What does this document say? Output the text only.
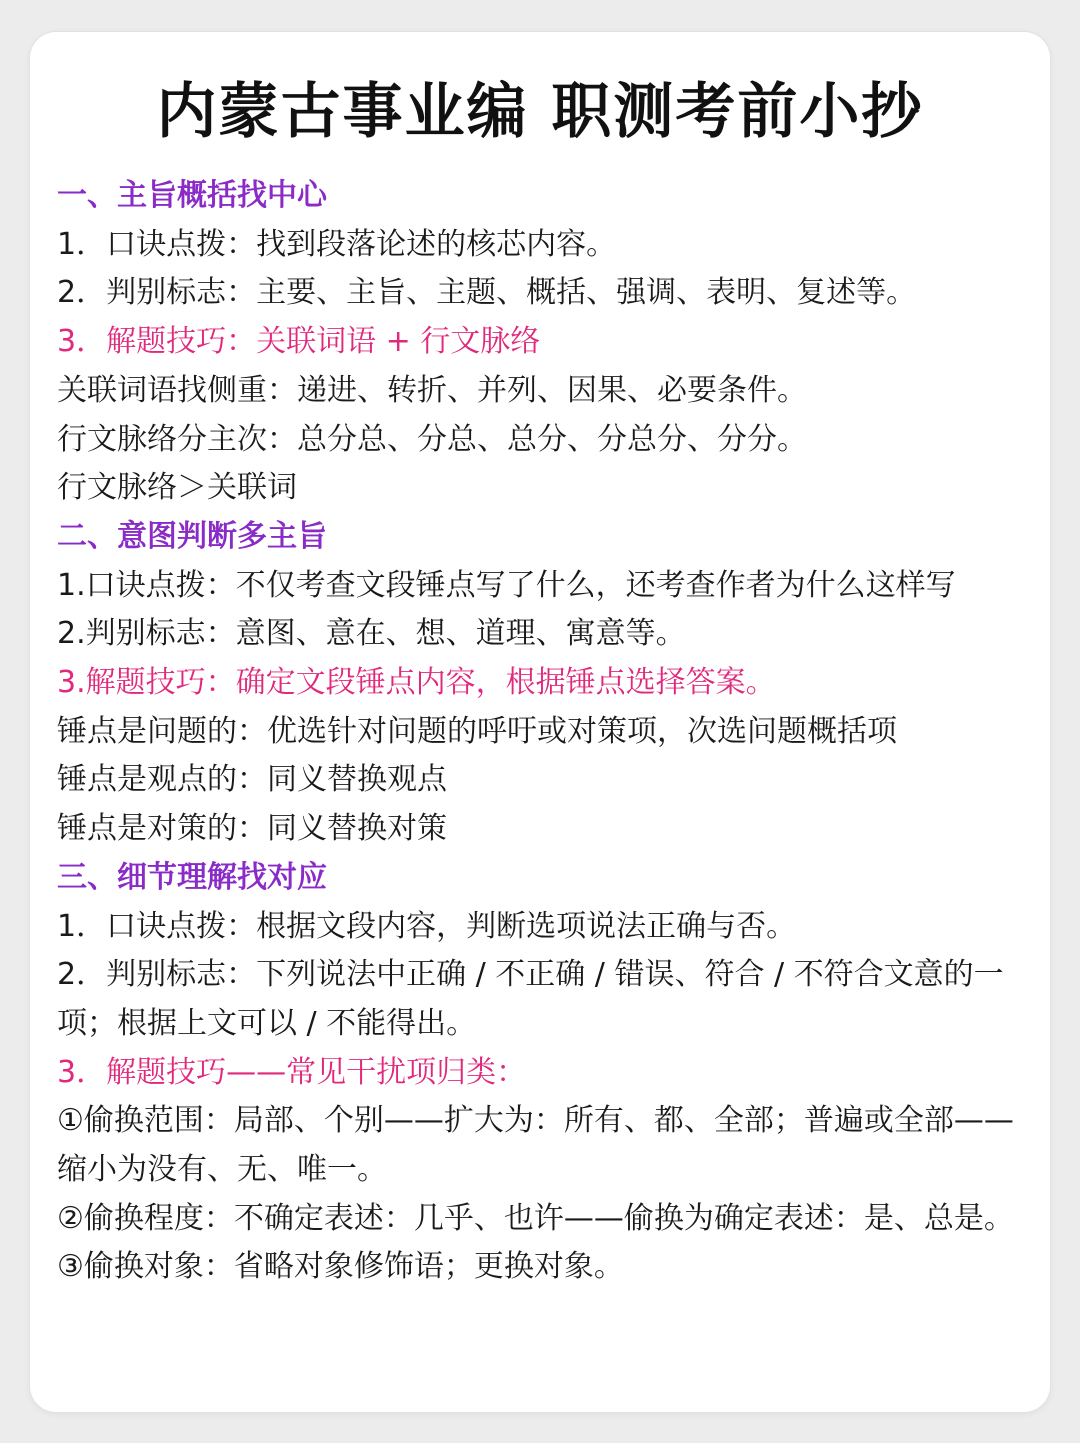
内蒙古事业编 职测考前小抄
一、主旨概括找中心
1．口诀点拨：找到段落论述的核芯内容。
2．判别标志：主要、主旨、主题、概括、强调、表明、复述等。
3．解题技巧：关联词语 + 行文脉络
关联词语找侧重：递进、转折、并列、因果、必要条件。
行文脉络分主次：总分总、分总、总分、分总分、分分。
行文脉络＞关联词
二、意图判断多主旨
1.口诀点拨：不仅考查文段锤点写了什么，还考查作者为什么这样写
2.判别标志：意图、意在、想、道理、寓意等。
3.解题技巧：确定文段锤点内容，根据锤点选择答案。
锤点是问题的：优选针对问题的呼吁或对策项，次选问题概括项
锤点是观点的：同义替换观点
锤点是对策的：同义替换对策
三、细节理解找对应
1．口诀点拨：根据文段内容，判断选项说法正确与否。
2．判别标志：下列说法中正确 / 不正确 / 错误、符合 / 不符合文意的一项；根据上文可以 / 不能得出。
3．解题技巧——常见干扰项归类：
①偷换范围：局部、个别——扩大为：所有、都、全部；普遍或全部——缩小为没有、无、唯一。
②偷换程度：不确定表述：几乎、也许——偷换为确定表述：是、总是。
③偷换对象：省略对象修饰语；更换对象。
